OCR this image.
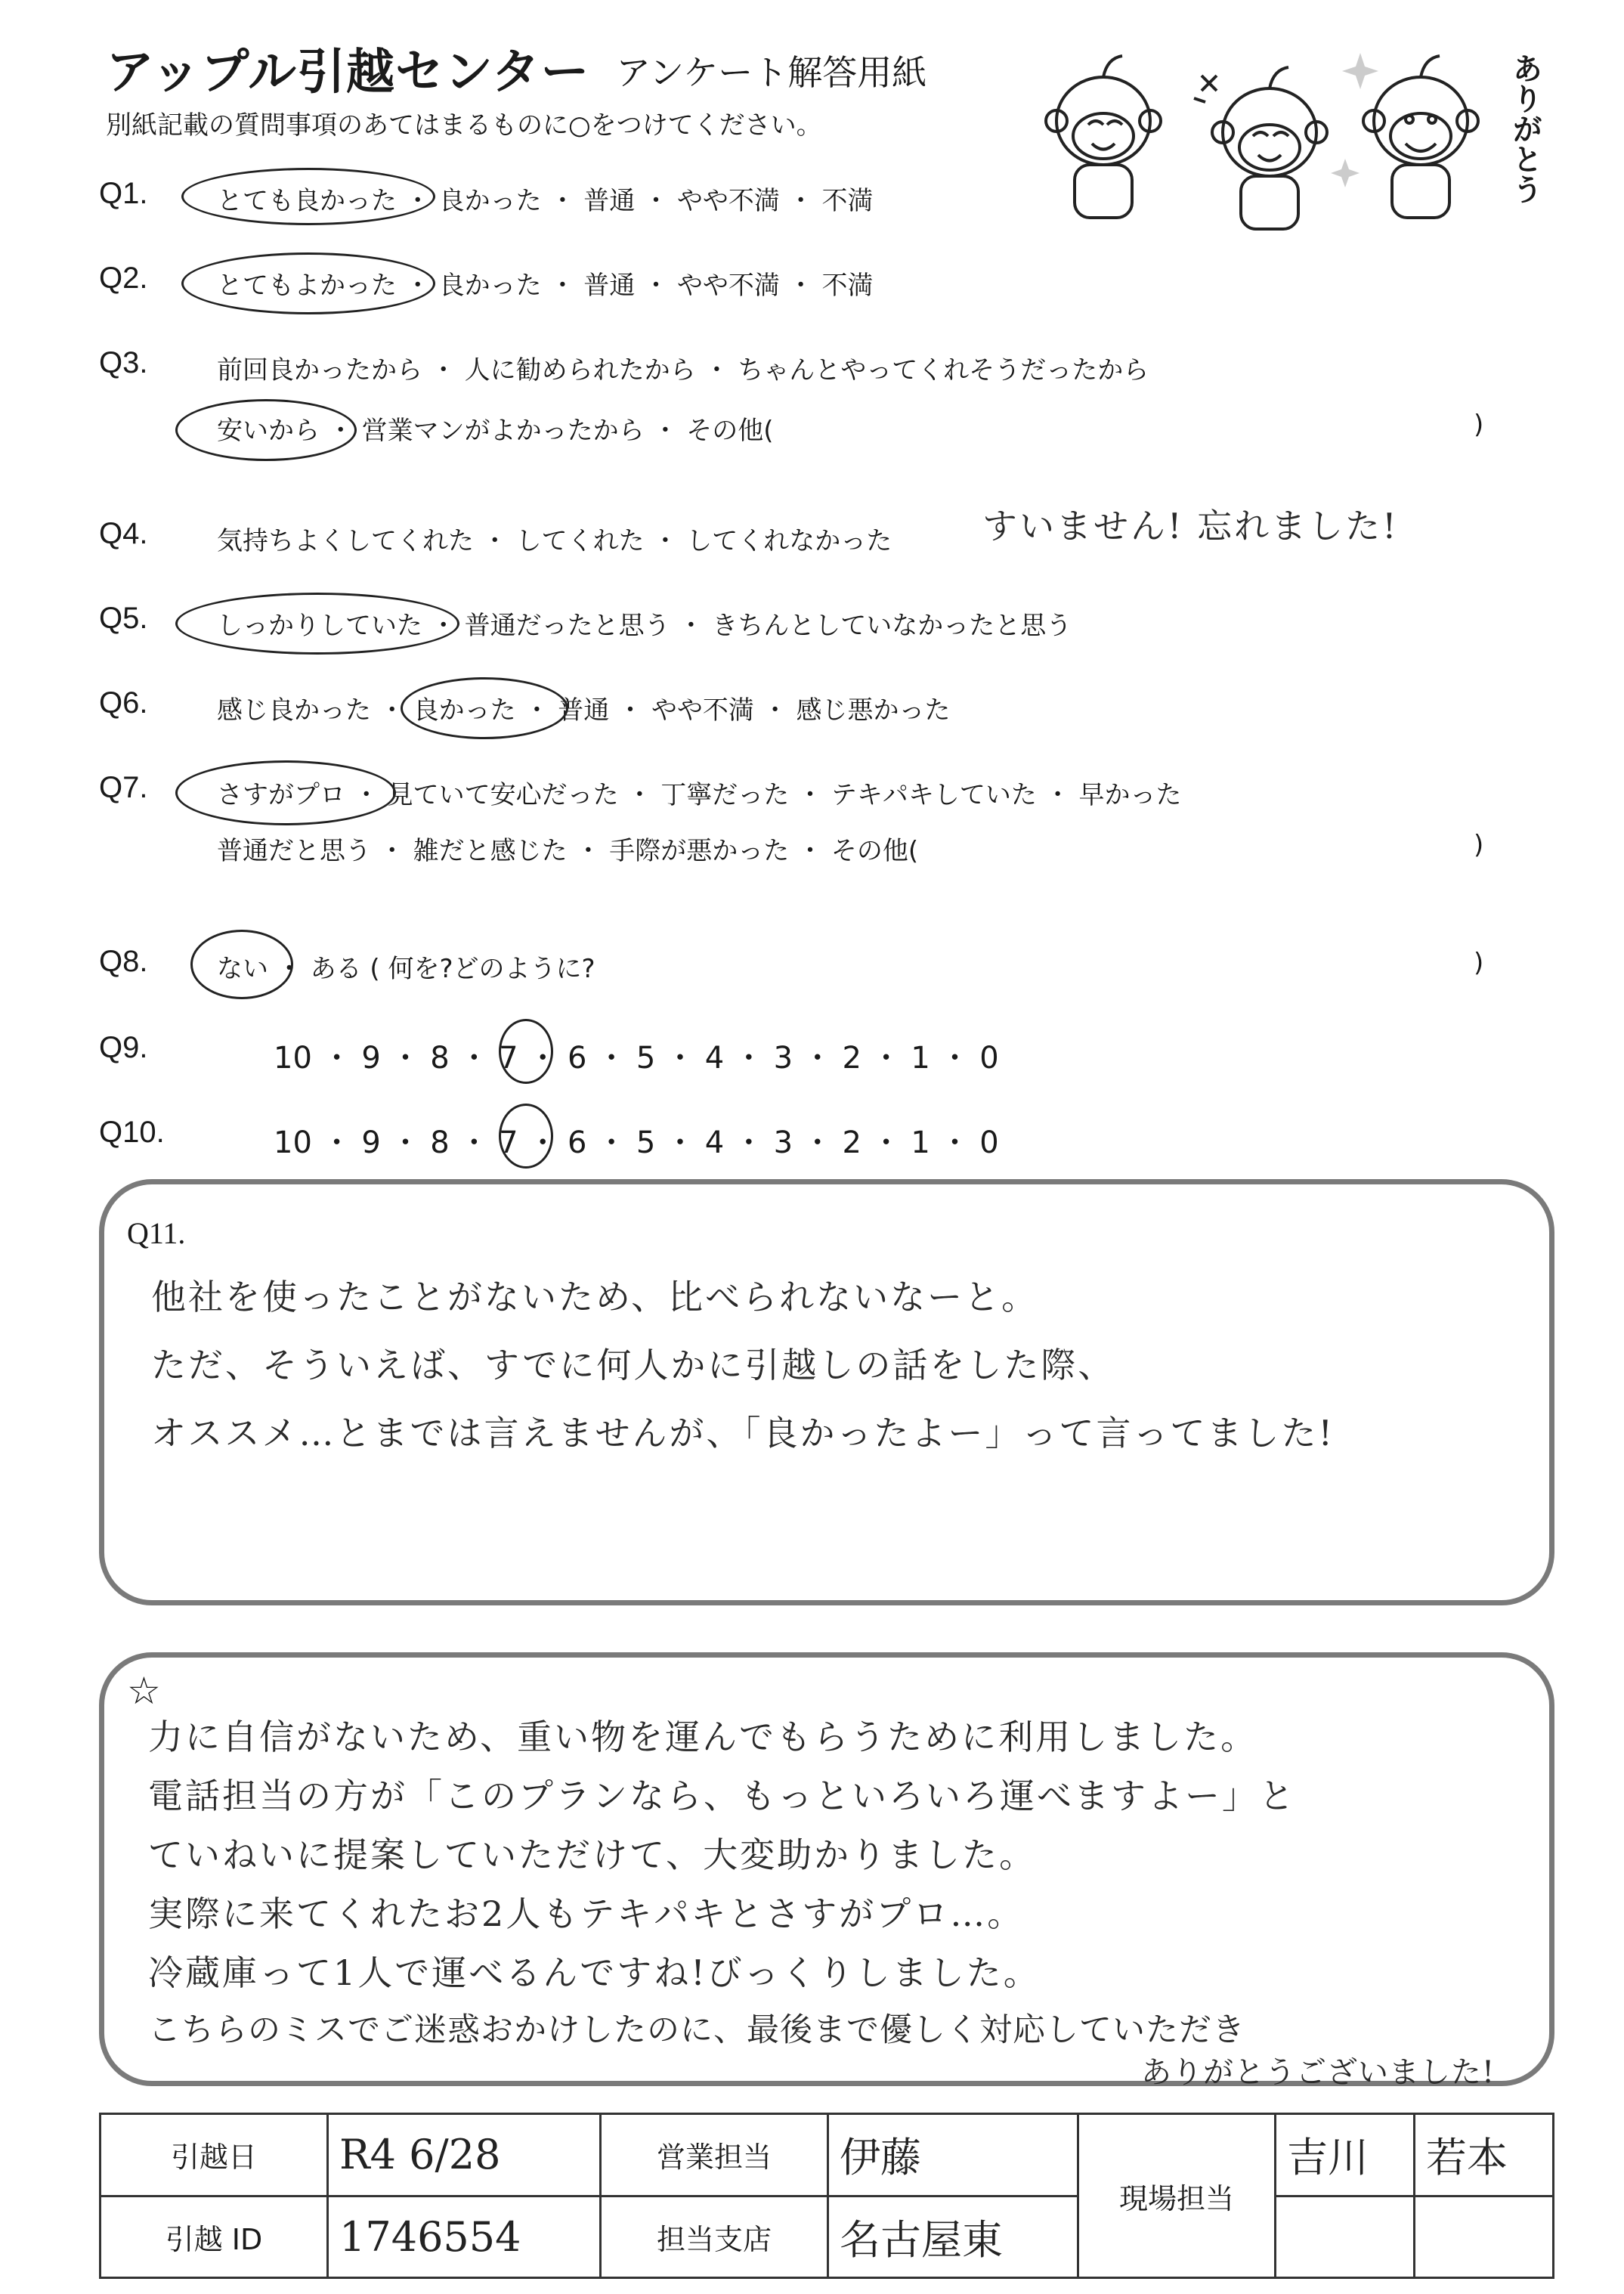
アップル引越センター アンケート解答用紙
別紙記載の質問事項のあてはまるものに○をつけてください。	ありがとう
Q1.	とても良かった ・ 良かった ・ 普通 ・ やや不満 ・ 不満
Q2.	とてもよかった ・ 良かった ・ 普通 ・ やや不満 ・ 不満
Q3.	前回良かったから ・ 人に勧められたから ・ ちゃんとやってくれそうだったから
安いから ・ 営業マンがよかったから ・ その他(	)
Q4.	気持ちよくしてくれた ・ してくれた ・ してくれなかった	すいません! 忘れました!
Q5.	しっかりしていた ・ 普通だったと思う ・ きちんとしていなかったと思う
Q6.	感じ良かった ・ 良かった ・ 普通 ・ やや不満 ・ 感じ悪かった
Q7.	さすがプロ ・ 見ていて安心だった ・ 丁寧だった ・ テキパキしていた ・ 早かった
普通だと思う ・ 雑だと感じた ・ 手際が悪かった ・ その他(	)
Q8.	ない ・ ある ( 何を?どのように?	)
Q9.	10 ・ 9 ・ 8 ・ 7 ・ 6 ・ 5 ・ 4 ・ 3 ・ 2 ・ 1 ・ 0
Q10.	10 ・ 9 ・ 8 ・ 7 ・ 6 ・ 5 ・ 4 ・ 3 ・ 2 ・ 1 ・ 0
Q11.
他社を使ったことがないため、比べられないなーと。
ただ、そういえば、すでに何人かに引越しの話をした際、
オススメ…とまでは言えませんが、「良かったよー」って言ってました!
☆
力に自信がないため、重い物を運んでもらうために利用しました。
電話担当の方が「このプランなら、もっといろいろ運べますよー」と
ていねいに提案していただけて、大変助かりました。
実際に来てくれたお2人もテキパキとさすがプロ…。
冷蔵庫って1人で運べるんですね!びっくりしました。
こちらのミスでご迷惑おかけしたのに、最後まで優しく対応していただき
ありがとうございました!
引越日	R4 6/28	営業担当	伊藤	現場担当	吉川	若本
引越 ID	1746554	担当支店	名古屋東			
